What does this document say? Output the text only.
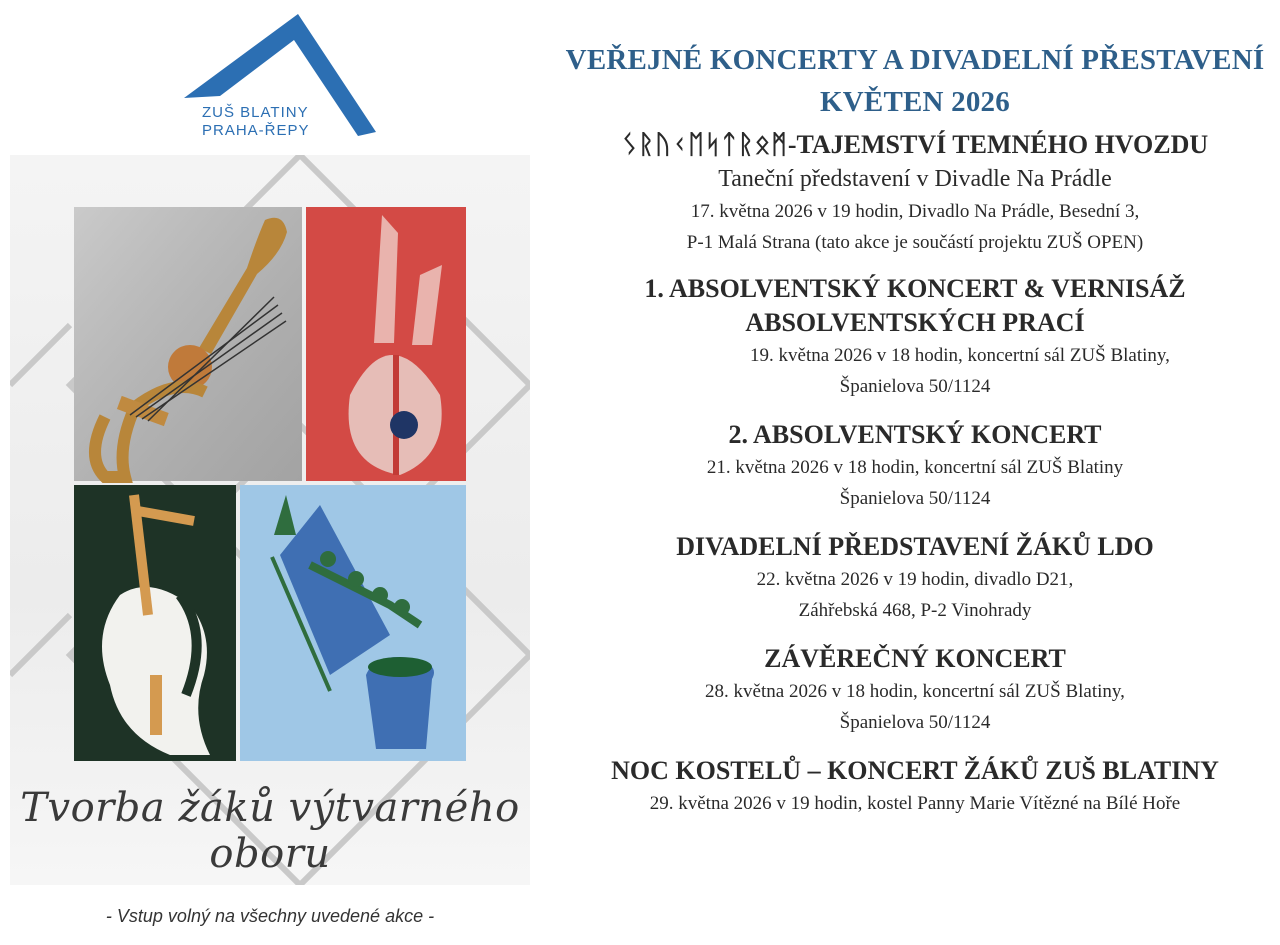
ZUŠ BLATINY
PRAHA-ŘEPY
Tvorba žáků výtvarného oboru
- Vstup volný na všechny uvedené akce -
VEŘEJNÉ KONCERTY A DIVADELNÍ PŘESTAVENÍ
KVĚTEN 2026

ᛊᚱᚢᚲᛖᛋᛏᚱᛟᛗ-TAJEMSTVÍ TEMNÉHO HVOZDU

Taneční představení v Divadle Na Prádle

17. května 2026 v 19 hodin, Divadlo Na Prádle, Besední 3,

P-1 Malá Strana (tato akce je součástí projektu ZUŠ OPEN)

1. ABSOLVENTSKÝ KONCERT & VERNISÁŽ

ABSOLVENTSKÝCH PRACÍ

19. května 2026 v 18 hodin, koncertní sál ZUŠ Blatiny,

Španielova 50/1124

2. ABSOLVENTSKÝ KONCERT

21. května 2026 v 18 hodin, koncertní sál ZUŠ Blatiny

Španielova 50/1124

DIVADELNÍ PŘEDSTAVENÍ ŽÁKŮ LDO

22. května 2026 v 19 hodin, divadlo D21,

Záhřebská 468, P-2 Vinohrady

ZÁVĚREČNÝ KONCERT

28. května 2026 v 18 hodin, koncertní sál ZUŠ Blatiny,

Španielova 50/1124

NOC KOSTELŮ – KONCERT ŽÁKŮ ZUŠ BLATINY

29. května 2026 v 19 hodin, kostel Panny Marie Vítězné na Bílé Hoře
